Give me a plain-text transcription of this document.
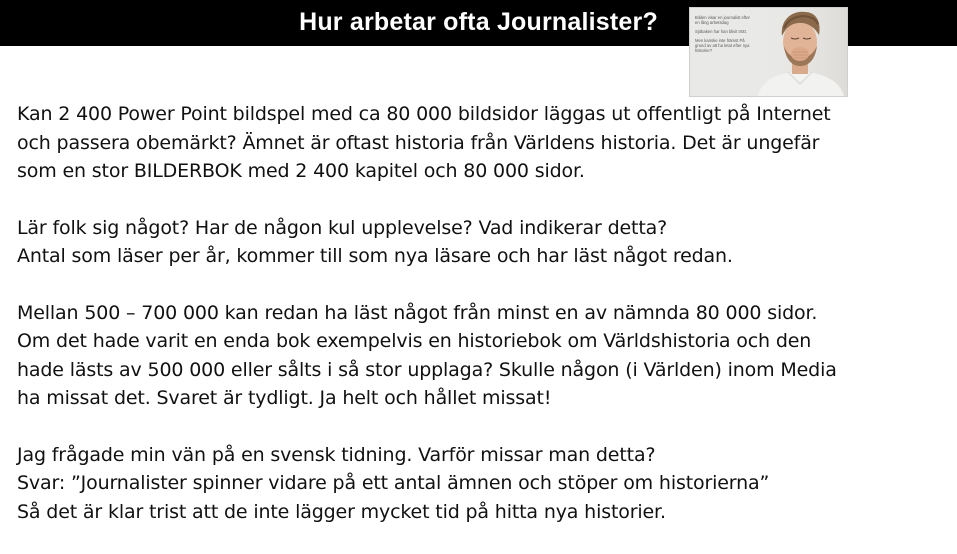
Hur arbetar ofta Journalister?	Bilden visar en journalist efter en lång arbetsdag

Sjöbaken har han blivit trött.

Men kanske inte främst På grund av att ha letat efter nya historier?

Kan 2 400 Power Point bildspel med ca 80 000 bildsidor läggas ut offentligt på Internet
och passera obemärkt? Ämnet är oftast historia från Världens historia. Det är ungefär
som en stor BILDERBOK med 2 400 kapitel och 80 000 sidor.
Lär folk sig något? Har de någon kul upplevelse? Vad indikerar detta?
Antal som läser per år, kommer till som nya läsare och har läst något redan.
Mellan 500 – 700 000 kan redan ha läst något från minst en av nämnda 80 000 sidor.
Om det hade varit en enda bok exempelvis en historiebok om Världshistoria och den
hade lästs av 500 000 eller sålts i så stor upplaga? Skulle någon (i Världen) inom Media
ha missat det. Svaret är tydligt. Ja helt och hållet missat!
Jag frågade min vän på en svensk tidning. Varför missar man detta?
Svar: ”Journalister spinner vidare på ett antal ämnen och stöper om historierna”
Så det är klar trist att de inte lägger mycket tid på hitta nya historier.
